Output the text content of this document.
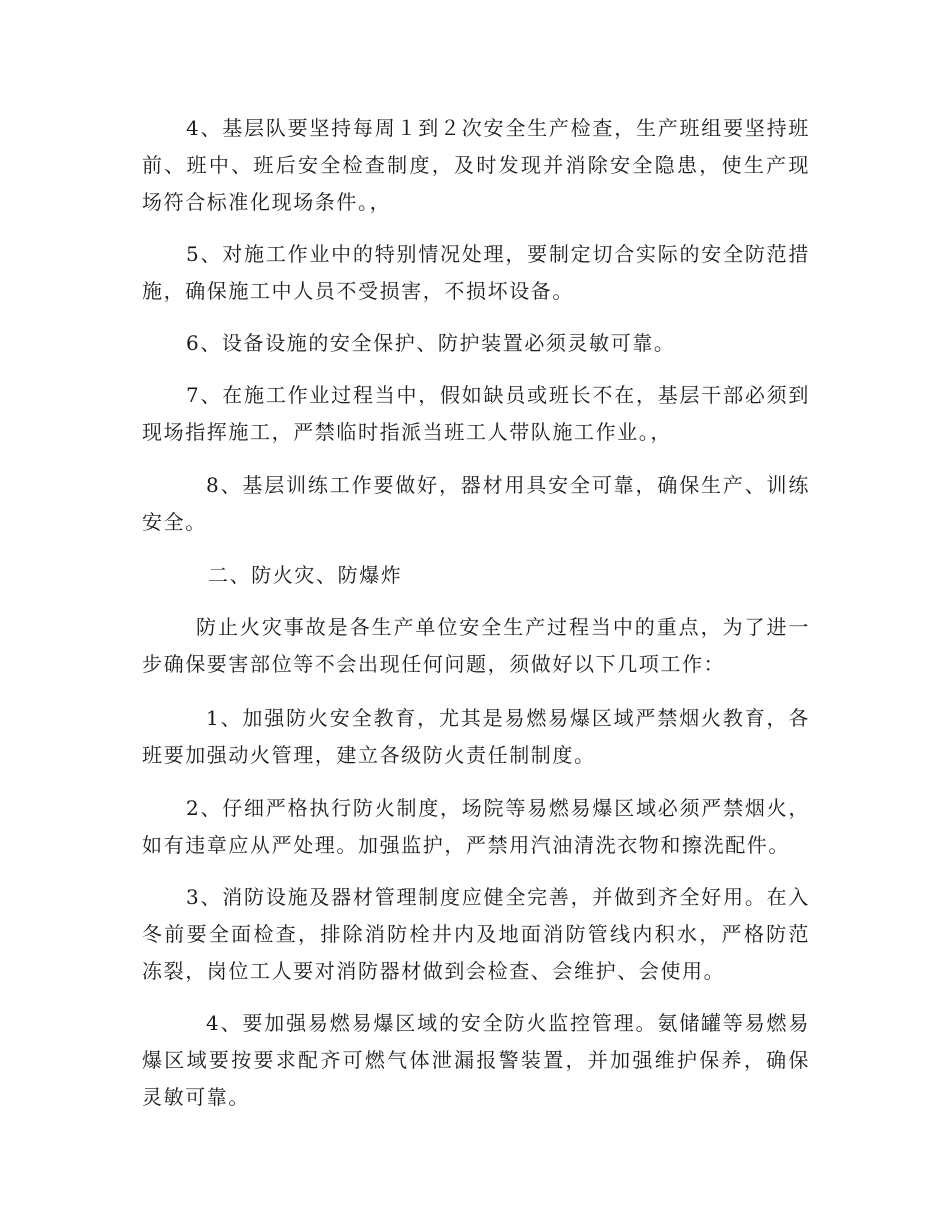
4、基层队要坚持每周１到２次安全生产检查，生产班组要坚持班前、班中、班后安全检查制度，及时发现并消除安全隐患，使生产现场符合标准化现场条件。，

5、对施工作业中的特别情况处理，要制定切合实际的安全防范措施，确保施工中人员不受损害，不损坏设备。

6、设备设施的安全保护、防护装置必须灵敏可靠。

7、在施工作业过程当中，假如缺员或班长不在，基层干部必须到现场指挥施工，严禁临时指派当班工人带队施工作业。，

8、基层训练工作要做好，器材用具安全可靠，确保生产、训练安全。

二、防火灾、防爆炸

防止火灾事故是各生产单位安全生产过程当中的重点，为了进一步确保要害部位等不会出现任何问题，须做好以下几项工作：

1、加强防火安全教育，尤其是易燃易爆区域严禁烟火教育，各班要加强动火管理，建立各级防火责任制制度。

2、仔细严格执行防火制度，场院等易燃易爆区域必须严禁烟火，如有违章应从严处理。加强监护，严禁用汽油清洗衣物和擦洗配件。

3、消防设施及器材管理制度应健全完善，并做到齐全好用。在入冬前要全面检查，排除消防栓井内及地面消防管线内积水，严格防范冻裂，岗位工人要对消防器材做到会检查、会维护、会使用。

4、要加强易燃易爆区域的安全防火监控管理。氨储罐等易燃易爆区域要按要求配齐可燃气体泄漏报警装置，并加强维护保养，确保灵敏可靠。
